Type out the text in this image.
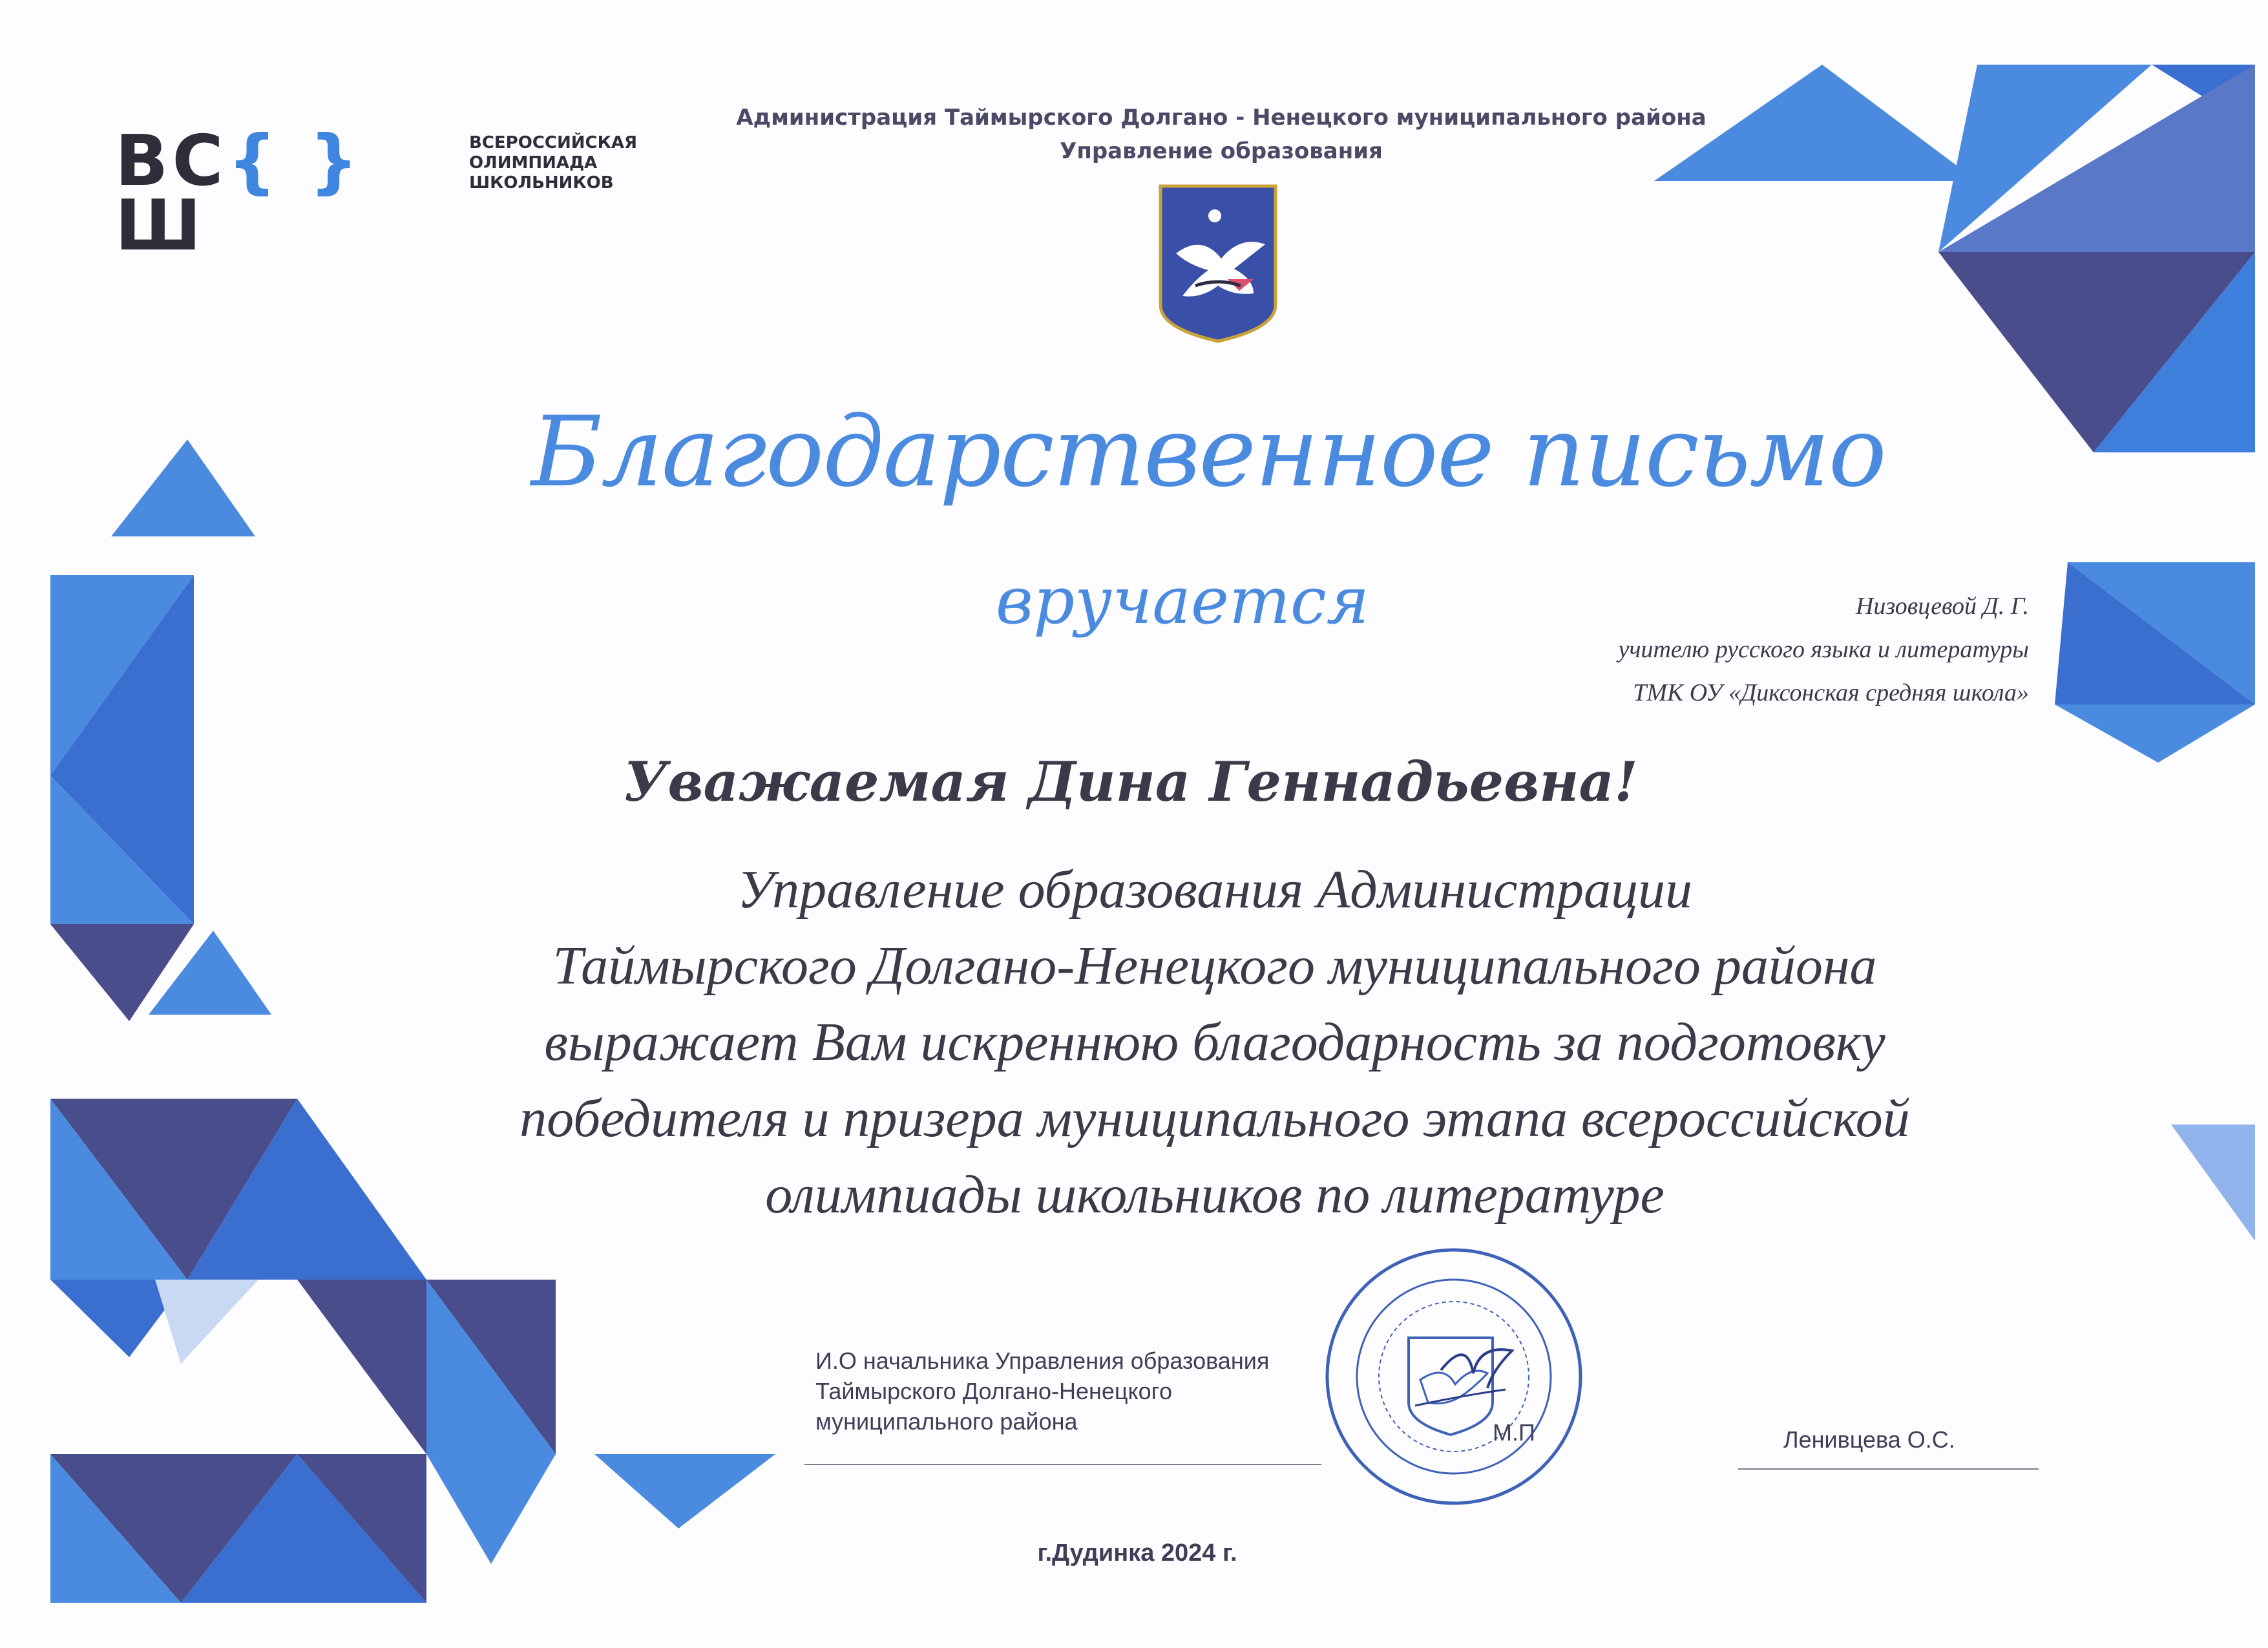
ВС{ }Ш
ВСЕРОССИЙСКАЯ
ОЛИМПИАДА
ШКОЛЬНИКОВ
Администрация Таймырского Долгано - Ненецкого муниципального района
Управление образования
Благодарственное письмо
вручается	Низовцевой Д. Г.
учителю русского языка и литературы
ТМК ОУ «Диксонская средняя школа»
Уважаемая Дина Геннадьевна!
Управление образования Администрации
Таймырского Долгано-Ненецкого муниципального района
выражает Вам искреннюю благодарность за подготовку
победителя и призера муниципального этапа всероссийской
олимпиады школьников по литературе
И.О начальника Управления образования
Таймырского Долгано-Ненецкого
муниципального района	М.П	Ленивцева О.С.
г.Дудинка 2024 г.
